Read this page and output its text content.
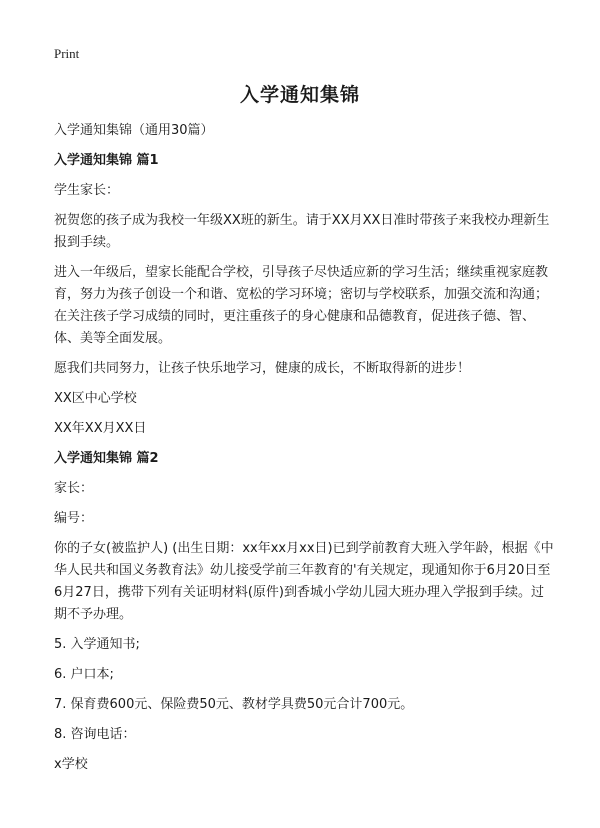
Print
入学通知集锦

入学通知集锦（通用30篇）

入学通知集锦 篇1

学生家长：

祝贺您的孩子成为我校一年级XX班的新生。请于XX月XX日准时带孩子来我校办理新生报到手续。

进入一年级后，望家长能配合学校，引导孩子尽快适应新的学习生活；继续重视家庭教育，努力为孩子创设一个和谐、宽松的学习环境；密切与学校联系，加强交流和沟通；在关注孩子学习成绩的同时，更注重孩子的身心健康和品德教育，促进孩子德、智、体、美等全面发展。

愿我们共同努力，让孩子快乐地学习，健康的成长，不断取得新的进步！

XX区中心学校

XX年XX月XX日

入学通知集锦 篇2

家长：

编号：

你的子女(被监护人) (出生日期：xx年xx月xx日)已到学前教育大班入学年龄，根据《中华人民共和国义务教育法》幼儿接受学前三年教育的'有关规定，现通知你于6月20日至6月27日，携带下列有关证明材料(原件)到香城小学幼儿园大班办理入学报到手续。过期不予办理。

5. 入学通知书;

6. 户口本;

7. 保育费600元、保险费50元、教材学具费50元合计700元。

8. 咨询电话：

x学校
